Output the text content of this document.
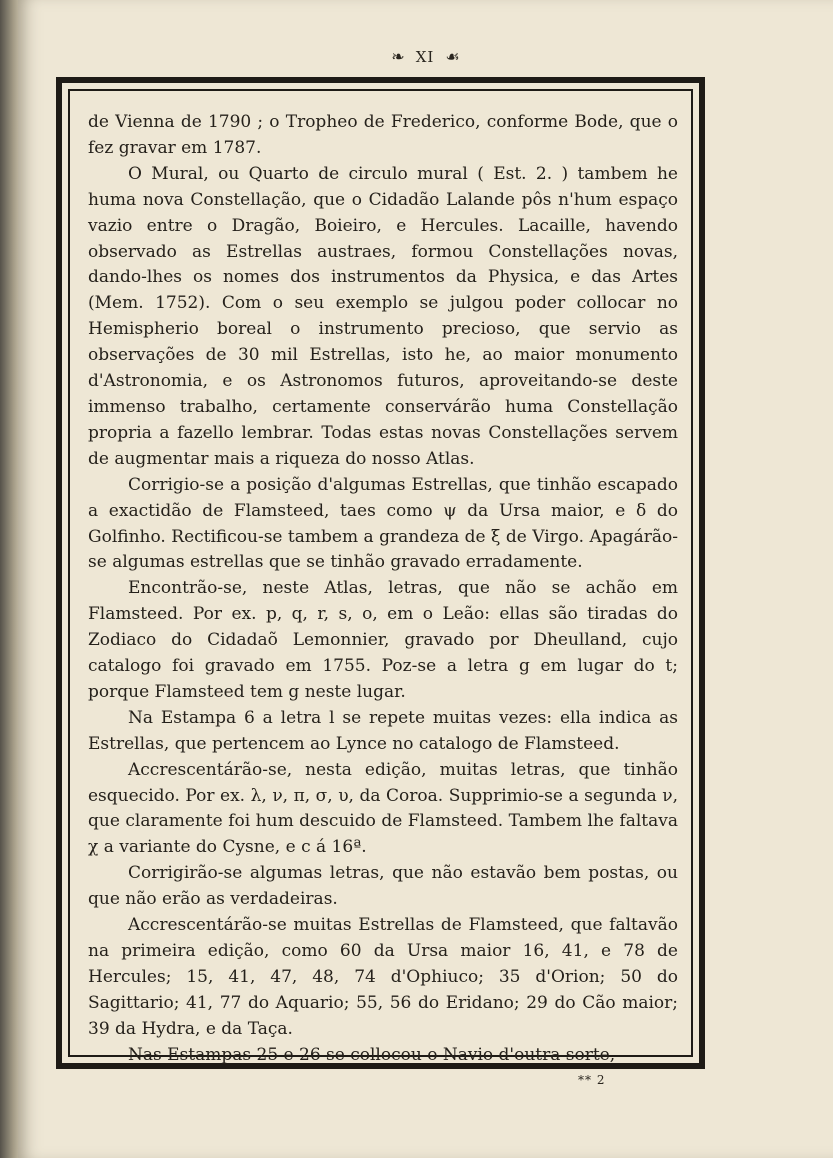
❧ XI ☙

de Vienna de 1790 ; o Tropheo de Frederico, conforme Bode, que o fez gravar em 1787.

O Mural, ou Quarto de circulo mural ( Est. 2. ) tambem he huma nova Constellação, que o Cidadão Lalande pôs n'hum espaço vazio entre o Dragão, Boieiro, e Hercules. Lacaille, havendo observado as Estrellas austraes, formou Constellações novas, dando-lhes os nomes dos instrumentos da Physica, e das Artes (Mem. 1752). Com o seu exemplo se julgou poder collocar no Hemispherio boreal o instrumento precioso, que servio as observações de 30 mil Estrellas, isto he, ao maior monumento d'Astronomia, e os Astronomos futuros, aproveitando-se deste immenso trabalho, certamente conservárão huma Constellação propria a fazello lembrar. Todas estas novas Constellações servem de augmentar mais a riqueza do nosso Atlas.

Corrigio-se a posição d'algumas Estrellas, que tinhão escapado a exactidão de Flamsteed, taes como ψ da Ursa maior, e δ do Golfinho. Rectificou-se tambem a grandeza de ξ de Virgo. Apagárão-se algumas estrellas que se tinhão gravado erradamente.

Encontrão-se, neste Atlas, letras, que não se achão em Flamsteed. Por ex. p, q, r, s, o, em o Leão: ellas são tiradas do Zodiaco do Cidadaõ Lemonnier, gravado por Dheulland, cujo catalogo foi gravado em 1755. Poz-se a letra g em lugar do t; porque Flamsteed tem g neste lugar.

Na Estampa 6 a letra l se repete muitas vezes: ella indica as Estrellas, que pertencem ao Lynce no catalogo de Flamsteed.

Accrescentárão-se, nesta edição, muitas letras, que tinhão esquecido. Por ex. λ, ν, π, σ, υ, da Coroa. Supprimio-se a segunda ν, que claramente foi hum descuido de Flamsteed. Tambem lhe faltava χ a variante do Cysne, e c á 16ª.

Corrigirão-se algumas letras, que não estavão bem postas, ou que não erão as verdadeiras.

Accrescentárão-se muitas Estrellas de Flamsteed, que faltavão na primeira edição, como 60 da Ursa maior 16, 41, e 78 de Hercules; 15, 41, 47, 48, 74 d'Ophiuco; 35 d'Orion; 50 do Sagittario; 41, 77 do Aquario; 55, 56 do Eridano; 29 do Cão maior; 39 da Hydra, e da Taça.

Nas Estampas 25 e 26 se collocou o Navio d'outra sorte,

** 2
